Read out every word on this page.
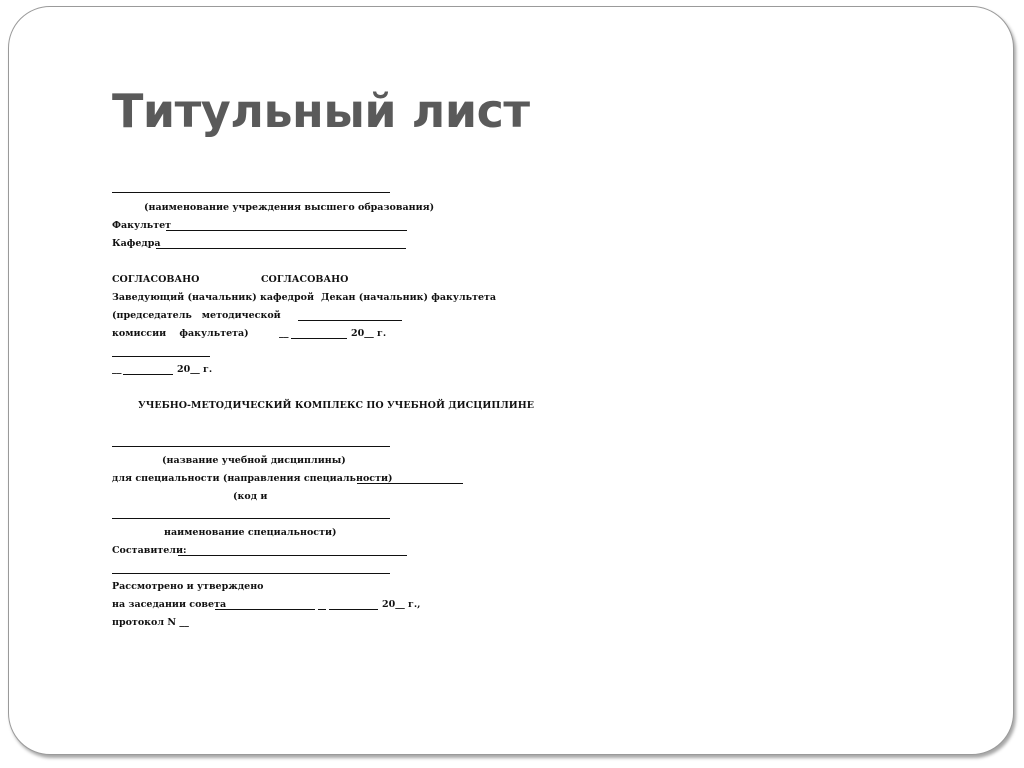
Титульный лист
(наименование учреждения высшего образования)
Факультет
Кафедра
СОГЛАСОВАНО	СОГЛАСОВАНО
Заведующий (начальник) кафедрой Декан (начальник) факультета
(председатель   методической
комиссии    факультета)	__	20__ г.
__	20__ г.
УЧЕБНО-МЕТОДИЧЕСКИЙ КОМПЛЕКС ПО УЧЕБНОЙ ДИСЦИПЛИНЕ
(название учебной дисциплины)
для специальности (направления специальности)
(код и
наименование специальности)
Составители:
Рассмотрено и утверждено
на заседании совета	20__ г.,
протокол N __
